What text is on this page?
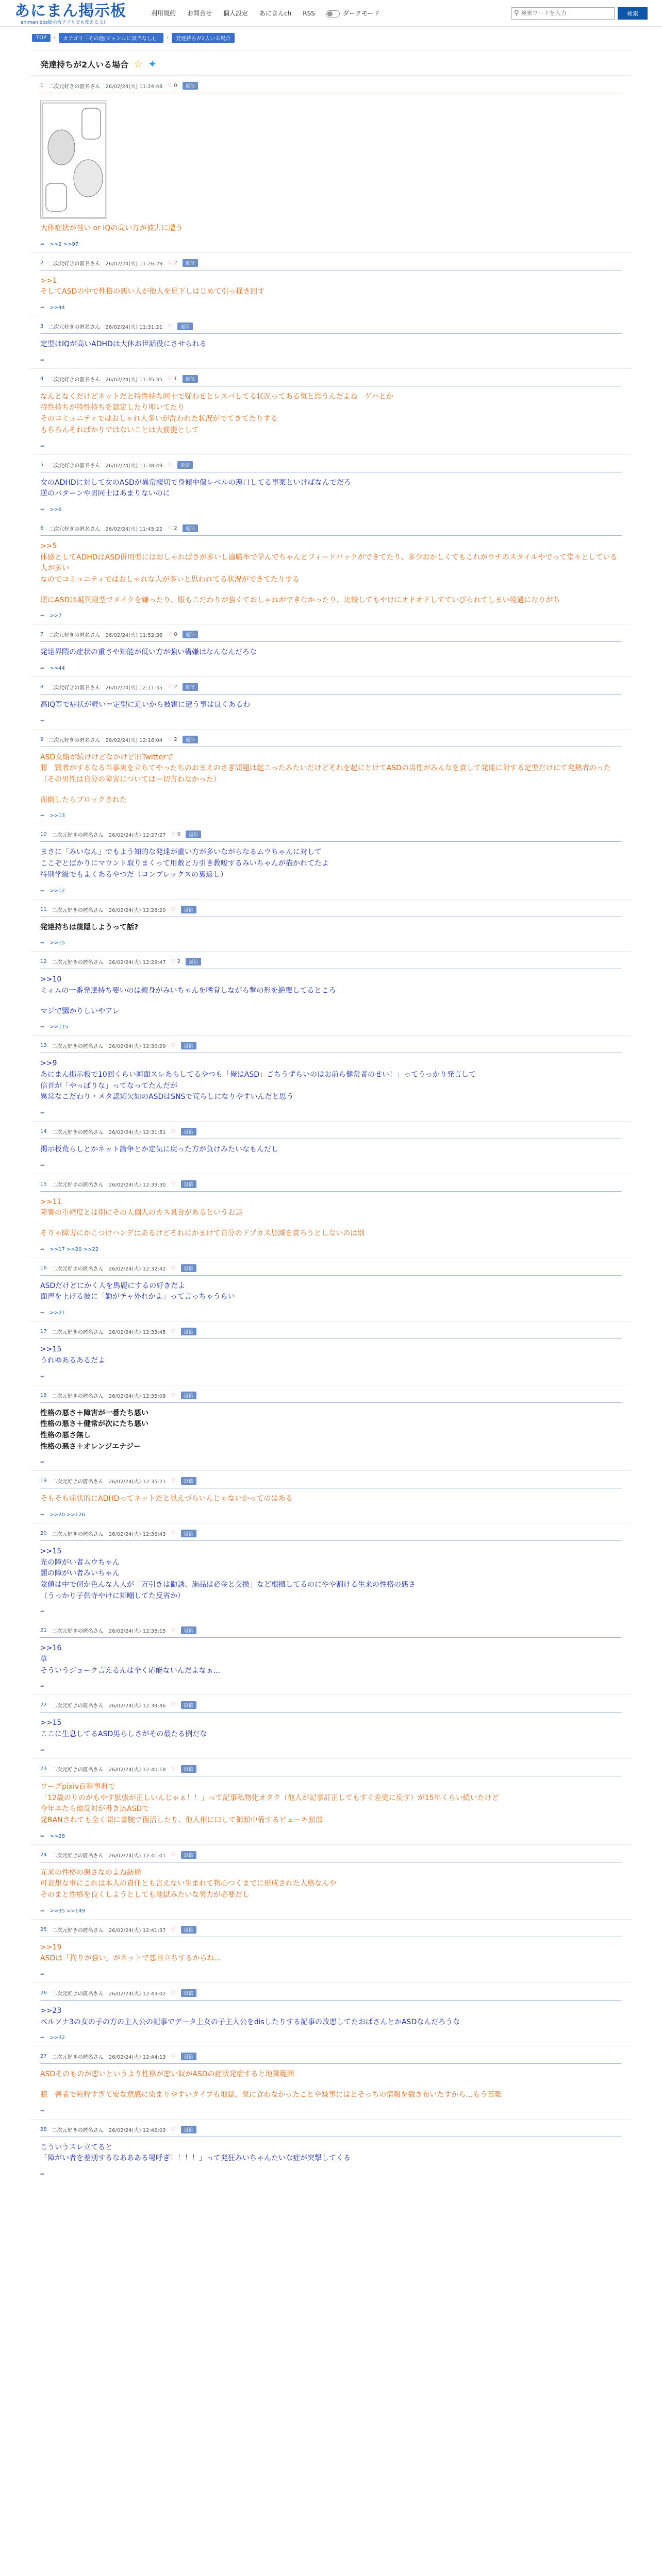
あにまん掲示板
animan bbs掲示板アプリでも使えるよ!
利用規約 お問合せ 個人設定 あにまんch RSS	ダークモード	⚲
検索ワードを入力	検索
TOP	›	カテゴリ「その他(ジャンルに該当なし)」	›	発達持ちが2人いる場合
発達持ちが2人いる場合 ☆ ✦
1 二次元好きの匿名さん 26/02/24(火) 11:24:48 ♡ 0	返信
大体症状が軽い or IQの高い方が被害に遭う
➦ >>2 >>97
2 二次元好きの匿名さん 26/02/24(火) 11:26:29 ♡ 2	返信
>>1
そしてASDの中で性格の悪い人が他人を見下しはじめて引っ掻き回す
➦ >>44
3 二次元好きの匿名さん 26/02/24(火) 11:31:21 ♡	返信
定型はIQが高いADHDは大体お世話役にさせられる
➦
4 二次元好きの匿名さん 26/02/24(火) 11:35:35 ♡ 1	返信
なんとなくだけどネットだと特性持ち同士で疑わせとレスバしてる状況ってある気と思うんだよね　ゲハとか
特性持ちが特性持ちを認定したり叩いてたり
そのコミュニティではおしゃれ人多いが洗われた状況がでてきてたりする
もちろんそれぱかりではないことは大前提として
➦
5 二次元好きの匿名さん 26/02/24(火) 11:38:49 ♡	返信
女のADHDに対して女のASDが異常親切で身傾中傷レベルの悪口してる事案といけばなんでだろ
逆のパターンや男同士はあまりないのに
➦ >>6
6 二次元好きの匿名さん 26/02/24(火) 11:45:22 ♡ 2	返信
>>5
体感としてADHDはASD併用型にはおしゃればさが多いし適職率で学んでちゃんとフィードバックができてたり、多少おかしくてもこれがウチのスタイルやでって堂々としている人が多い
なのでコミュニティではおしゃれな人が多いと思われてる状況ができてたりする
逆にASDは凝異迎型でメイクを嫌ったり、服もこだわりが強くておしゃれができなかったり、比較してもやけにオドオドしてていびられてしまい境遇になりがち
➦ >>7
7 二次元好きの匿名さん 26/02/24(火) 11:52:36 ♡ 0	返信
発達界隈の症状の重さや知能が低い方が強い構嫌はなんなんだろな
➦ >>44
8 二次元好きの匿名さん 26/02/24(火) 12:11:35 ♡ 2	返信
高IQ等で症状が軽い＝定型に近いから被害に遭う事は良くあるわ
➦
9 二次元好きの匿名さん 26/02/24(火) 12:16:04 ♡ 2	返信
ASD女絡が続けけどなかけど旧Twitterで
膝　賢者がするなる当事実を立ちてやったちのおまえのさぎ問題は起こったみたいだけどそれを起にとけてASDの男性がみんなを責して発達に対する定型だけにて発熱者のった（その男性は自分の障害についてはー切言わなかった）
面倒したらブロックされた
➦ >>13
10 二次元好きの匿名さん 26/02/24(火) 12:27:27 ♡ 0	返信
まさに「みいなん」でもよう知的な発達が重い方が多いながらなるムウちゃんに対して
ここぞとばかりにマウント取りまくって用敷と万引き教唆するみいちゃんが描かれてたよ
特別学級でもよくあるやつだ（コンプレックスの裏返し）
➦ >>12
11 二次元好きの匿名さん 26/02/24(火) 12:28:20 ♡	返信
発達持ちは蔑隠しようって話?
➦ >>15
12 二次元好きの匿名さん 26/02/24(火) 12:29:47 ♡ 2	返信
>>10
ミィムの一番発達持ち要いのは親身がみいちゃんを嗜覚しながら撃の形を絶覆してるところ
マジで嬲かりしいやアレ
➦ >>115
13 二次元好きの匿名さん 26/02/24(火) 12:30:29 ♡	返信
>>9
あにまん掲示板で10回くらい画面スレあらしてるやつも「俺はASD」ごちうずらいのはお前ら健常者のせい！」ってうっかり発言して
信首が「やっぱりな」ってなってたんだが
異常なこだわり・メタ認知欠如のASDはSNSで荒らしになりやすいんだと思う
➦
14 二次元好きの匿名さん 26/02/24(火) 12:31:51 ♡	返信
掲示板荒らしとかネット論争とか定気に戻った方が負けみたいなもんだし
➦
15 二次元好きの匿名さん 26/02/24(火) 12:33:30 ♡	返信
>>11
障害の重軽度とは別にその人個人のカス具合があるというお話
そりゃ障害にかこつけハンデはあるけどそれにかまけて自分のドブカス加減を責ろうとしないのは別
➦ >>17 >>20 >>22
16 二次元好きの匿名さん 26/02/24(火) 12:32:42 ♡	返信
ASDだけどにかく人を馬鹿にするの好きだよ
面声を上げる彼に「勤がチャ外れかよ」って言っちゃうらい
➦ >>21
17 二次元好きの匿名さん 26/02/24(火) 12:33:45 ♡	返信
>>15
うれゆあるあるだよ
➦
18 二次元好きの匿名さん 26/02/24(火) 12:35:08 ♡	返信
性格の悪さ＋障害が一番たち悪い
性格の悪さ＋健常が次にたち悪い
性格の悪さ無し
性格の悪さ＋オレンジエナジー
➦
19 二次元好きの匿名さん 26/02/24(火) 12:35:21 ♡	返信
そもそも症状的にADHDってネットだと見えづらいんじゃないかってのはある
➦ >>20 >>126
20 二次元好きの匿名さん 26/02/24(火) 12:36:43 ♡	返信
>>15
光の障がい者ムウちゃん
闇の障がい者みいちゃん
陰値は中で何か色んな人人が「万引きは勧誘、施品は必金と交換」など根拠してるのにやや割ける生来の性格の悪さ
（うっかり子供寺やけに知嘲してた反省か）
➦
21 二次元好きの匿名さん 26/02/24(火) 12:38:15 ♡	返信
>>16
草
そういうジョーク言えるんは全く応能ないんだよなぁ...
➦
22 二次元好きの匿名さん 26/02/24(火) 12:39:46 ♡	返信
>>15
ここに生息してるASD男らしさがその最たる例だな
➦
23 二次元好きの匿名さん 26/02/24(火) 12:40:18 ♡	返信
ワーグpixiv百科事典で
「12歳のりのがもやす拡張が正しいんじゃぁ！！」って記事私物化オタク（他人が記事訂正してもすぐ差更に戻す）が15年くらい続いたけど
今年エたら他反対が書き込ASDで
発BANされても全く問に書腕で復活したり、他人相に口して御顔中備するビューキ顔部
➦ >>28
24 二次元好きの匿名さん 26/02/24(火) 12:41:01 ♡	返信
元来の性格の悪さなのよね結局
可哀想な事にこれは本人の責任とも言えない生まれて物心つくまでに形成された人格なんや
そのまと性格を良くしようとしても地獄みたいな努力が必要だし
➦ >>35 >>149
25 二次元好きの匿名さん 26/02/24(火) 12:41:37 ♡	返信
>>19
ASDは「拘りが強い」がネットで悪目立ちするからね...
➦
26 二次元好きの匿名さん 26/02/24(火) 12:43:02 ♡	返信
>>23
ペルソナ3の女の子の方の主人公の記事でデータ上女の子主人公をdisしたりする記事の改悪してたおばさんとかASDなんだろうな
➦ >>32
27 二次元好きの匿名さん 26/02/24(火) 12:44:13 ♡	返信
ASDそのものが悪いというより性格が悪い奴がASDの症状発症すると地獄範囲
膝　善者で純粋すぎて安な意感に染まりやすいタイプも地獄、気に食わなかったことや嫌事にはとそっちの情報を撒き布いたすから…もう苦難
➦
28 二次元好きの匿名さん 26/02/24(火) 12:46:03 ♡	返信
こういうスレ立てると
「障がい者を差別するなああある場呼ぎ！！！！」って発狂みいちゃんたいな症が突撃してくる
➦
